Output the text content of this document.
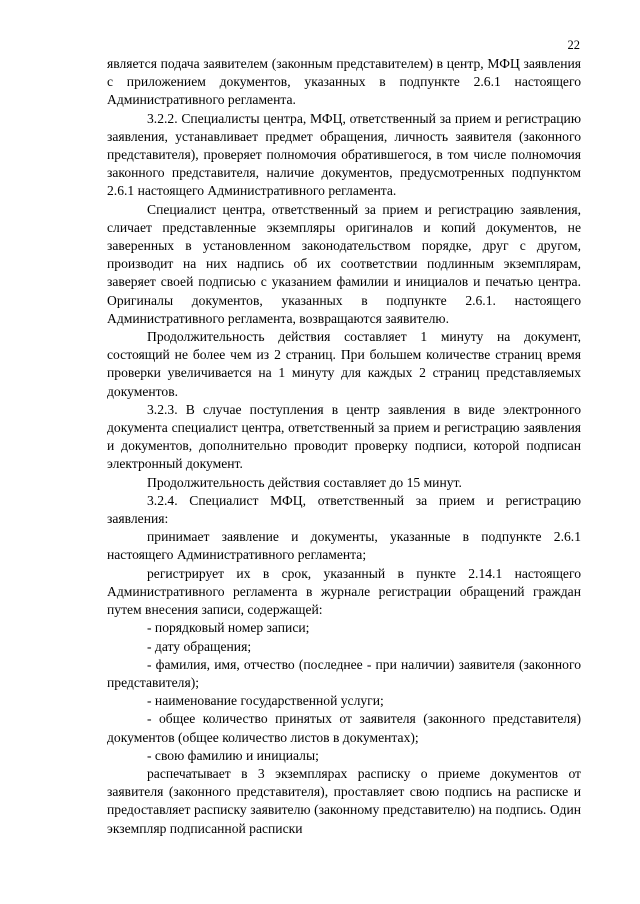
22

является подача заявителем (законным представителем) в центр, МФЦ заявления с приложением документов, указанных в подпункте 2.6.1 настоящего Административного регламента.

3.2.2. Специалисты центра, МФЦ, ответственный за прием и регистрацию заявления, устанавливает предмет обращения, личность заявителя (законного представителя), проверяет полномочия обратившегося, в том числе полномочия законного представителя, наличие документов, предусмотренных подпунктом 2.6.1 настоящего Административного регламента.

Специалист центра, ответственный за прием и регистрацию заявления, сличает представленные экземпляры оригиналов и копий документов, не заверенных в установленном законодательством порядке, друг с другом, производит на них надпись об их соответствии подлинным экземплярам, заверяет своей подписью с указанием фамилии и инициалов и печатью центра. Оригиналы документов, указанных в подпункте 2.6.1. настоящего Административного регламента, возвращаются заявителю.

Продолжительность действия составляет 1 минуту на документ, состоящий не более чем из 2 страниц. При большем количестве страниц время проверки увеличивается на 1 минуту для каждых 2 страниц представляемых документов.

3.2.3. В случае поступления в центр заявления в виде электронного документа специалист центра, ответственный за прием и регистрацию заявления и документов, дополнительно проводит проверку подписи, которой подписан электронный документ.

Продолжительность действия составляет до 15 минут.

3.2.4. Специалист МФЦ, ответственный за прием и регистрацию заявления:

принимает заявление и документы, указанные в подпункте 2.6.1 настоящего Административного регламента;

регистрирует их в срок, указанный в пункте 2.14.1 настоящего Административного регламента в журнале регистрации обращений граждан путем внесения записи, содержащей:

- порядковый номер записи;

- дату обращения;

- фамилия, имя, отчество (последнее - при наличии) заявителя (законного представителя);

- наименование государственной услуги;

- общее количество принятых от заявителя (законного представителя) документов (общее количество листов в документах);

- свою фамилию и инициалы;

распечатывает в 3 экземплярах расписку о приеме документов от заявителя (законного представителя), проставляет свою подпись на расписке и предоставляет расписку заявителю (законному представителю) на подпись. Один экземпляр подписанной расписки
